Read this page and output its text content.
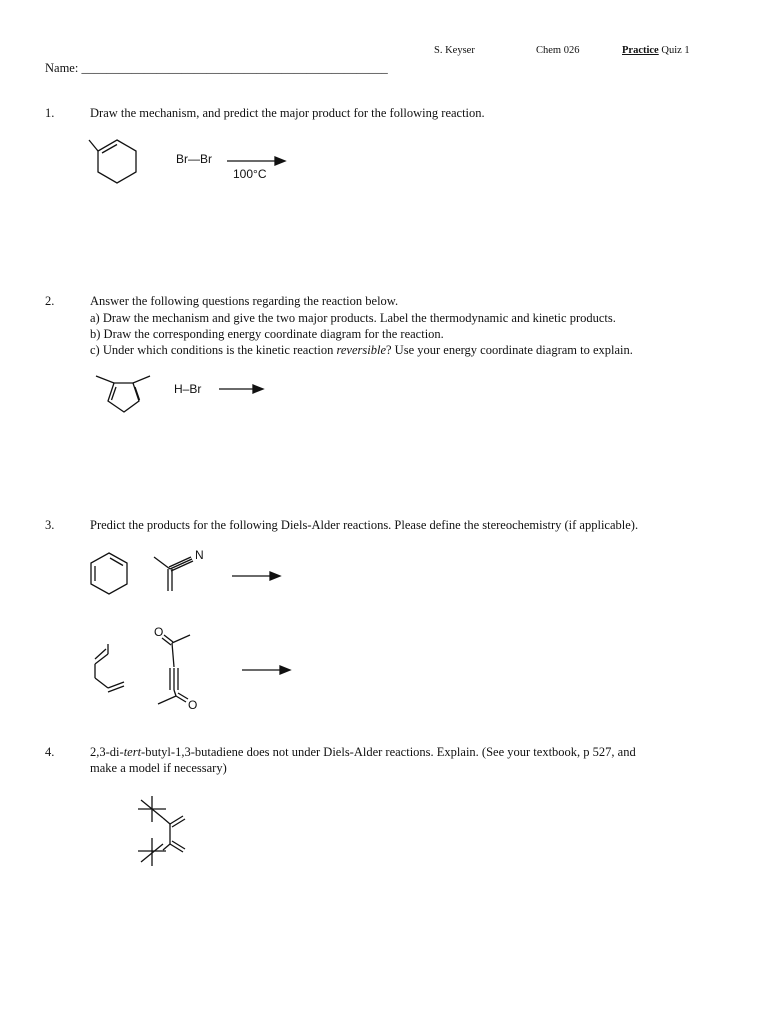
S. Keyser	Chem 026	Practice Quiz 1
Name: _________________________________________________
1.	Draw the mechanism, and predict the major product for the following reaction.
Br—Br
100°C
2.	Answer the following questions regarding the reaction below.
a) Draw the mechanism and give the two major products. Label the thermodynamic and kinetic products.
b) Draw the corresponding energy coordinate diagram for the reaction.
c) Under which conditions is the kinetic reaction reversible? Use your energy coordinate diagram to explain.
H–Br
3.	Predict the products for the following Diels-Alder reactions. Please define the stereochemistry (if applicable).
N
O
O
4.	2,3-di-tert-butyl-1,3-butadiene does not under Diels-Alder reactions. Explain. (See your textbook, p 527, and
make a model if necessary)
